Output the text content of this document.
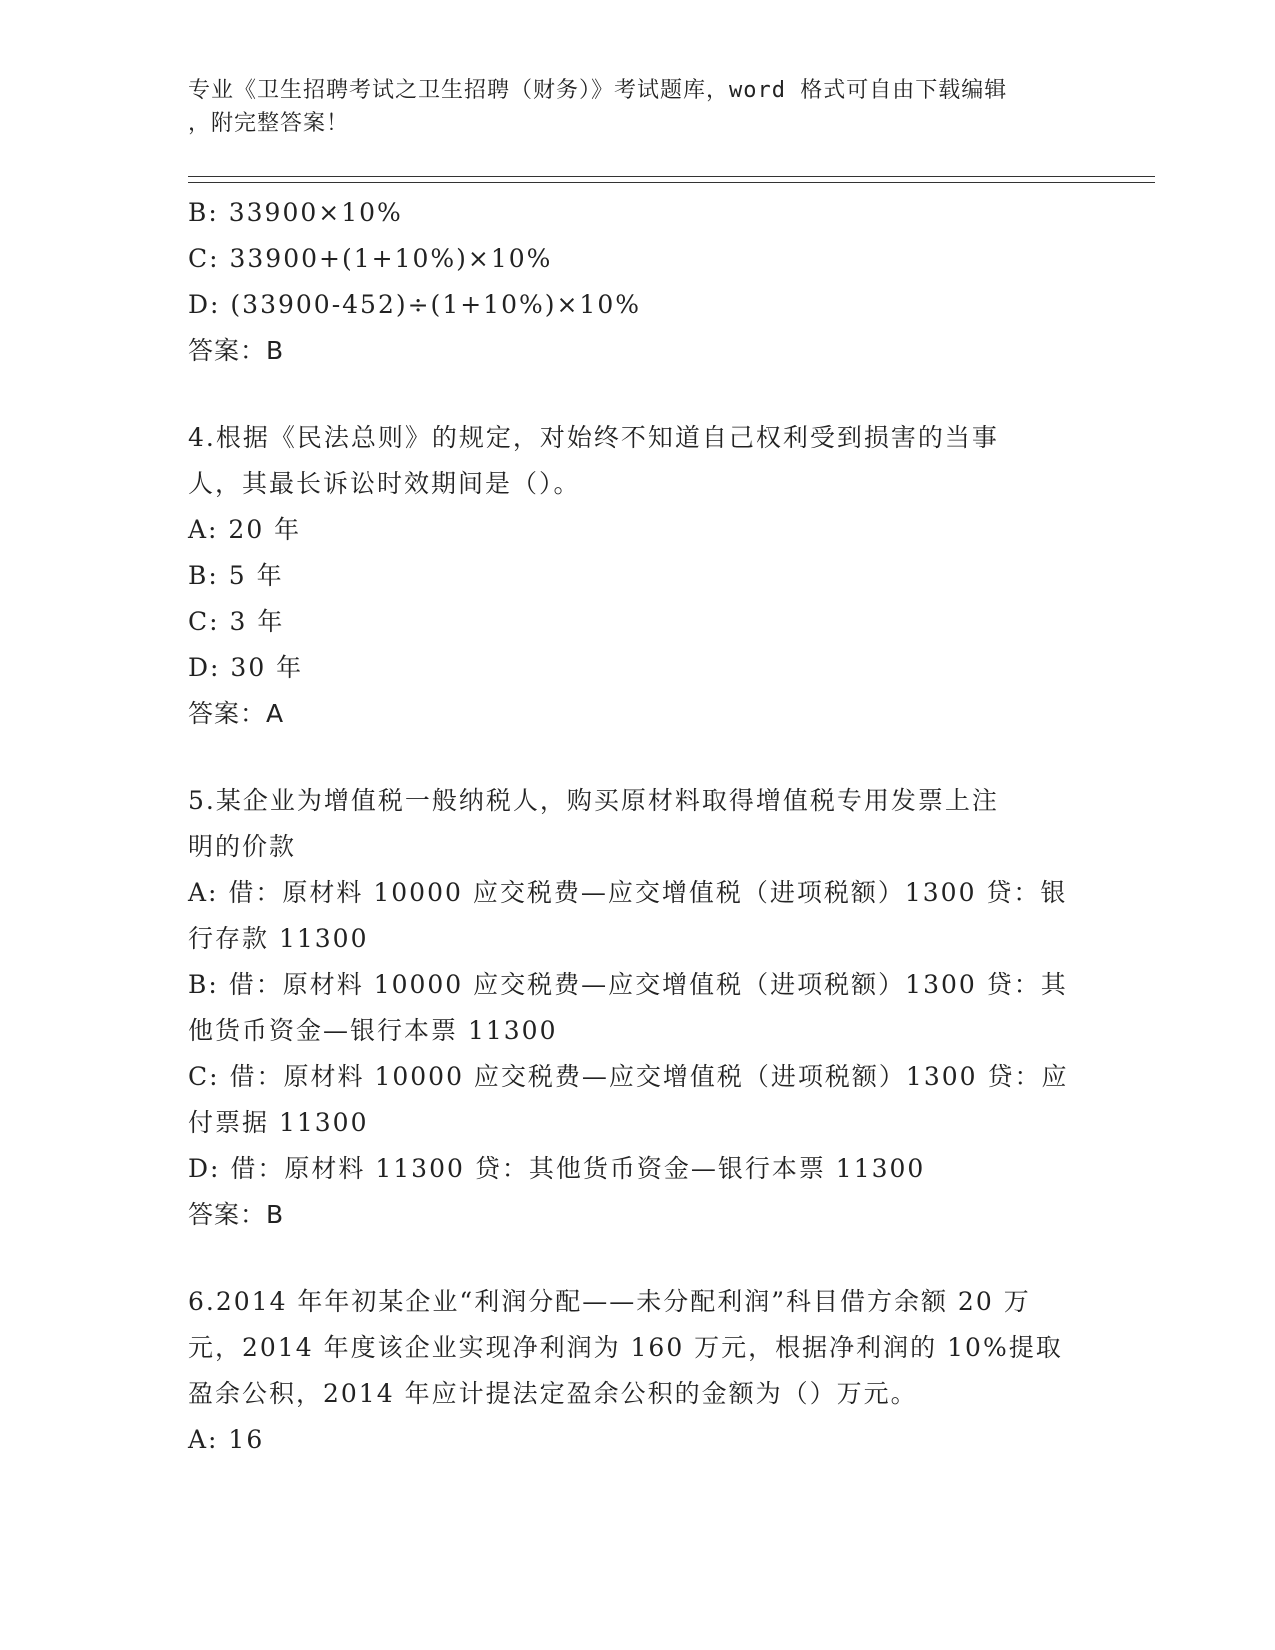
专业《卫生招聘考试之卫生招聘（财务）》考试题库，word 格式可自由下载编辑
，附完整答案！
B: 33900×10%
C: 33900+(1+10%)×10%
D: (33900-452)÷(1+10%)×10%
答案：B
4.根据《民法总则》的规定，对始终不知道自己权利受到损害的当事
人，其最长诉讼时效期间是（）。
A: 20 年
B: 5 年
C: 3 年
D: 30 年
答案：A
5.某企业为增值税一般纳税人，购买原材料取得增值税专用发票上注
明的价款
A: 借：原材料 10000 应交税费—应交增值税（进项税额）1300 贷：银
行存款 11300
B: 借：原材料 10000 应交税费—应交增值税（进项税额）1300 贷：其
他货币资金—银行本票 11300
C: 借：原材料 10000 应交税费—应交增值税（进项税额）1300 贷：应
付票据 11300
D: 借：原材料 11300 贷：其他货币资金—银行本票 11300
答案：B
6.2014 年年初某企业“利润分配——未分配利润”科目借方余额 20 万
元，2014 年度该企业实现净利润为 160 万元，根据净利润的 10%提取
盈余公积，2014 年应计提法定盈余公积的金额为（）万元。
A: 16
